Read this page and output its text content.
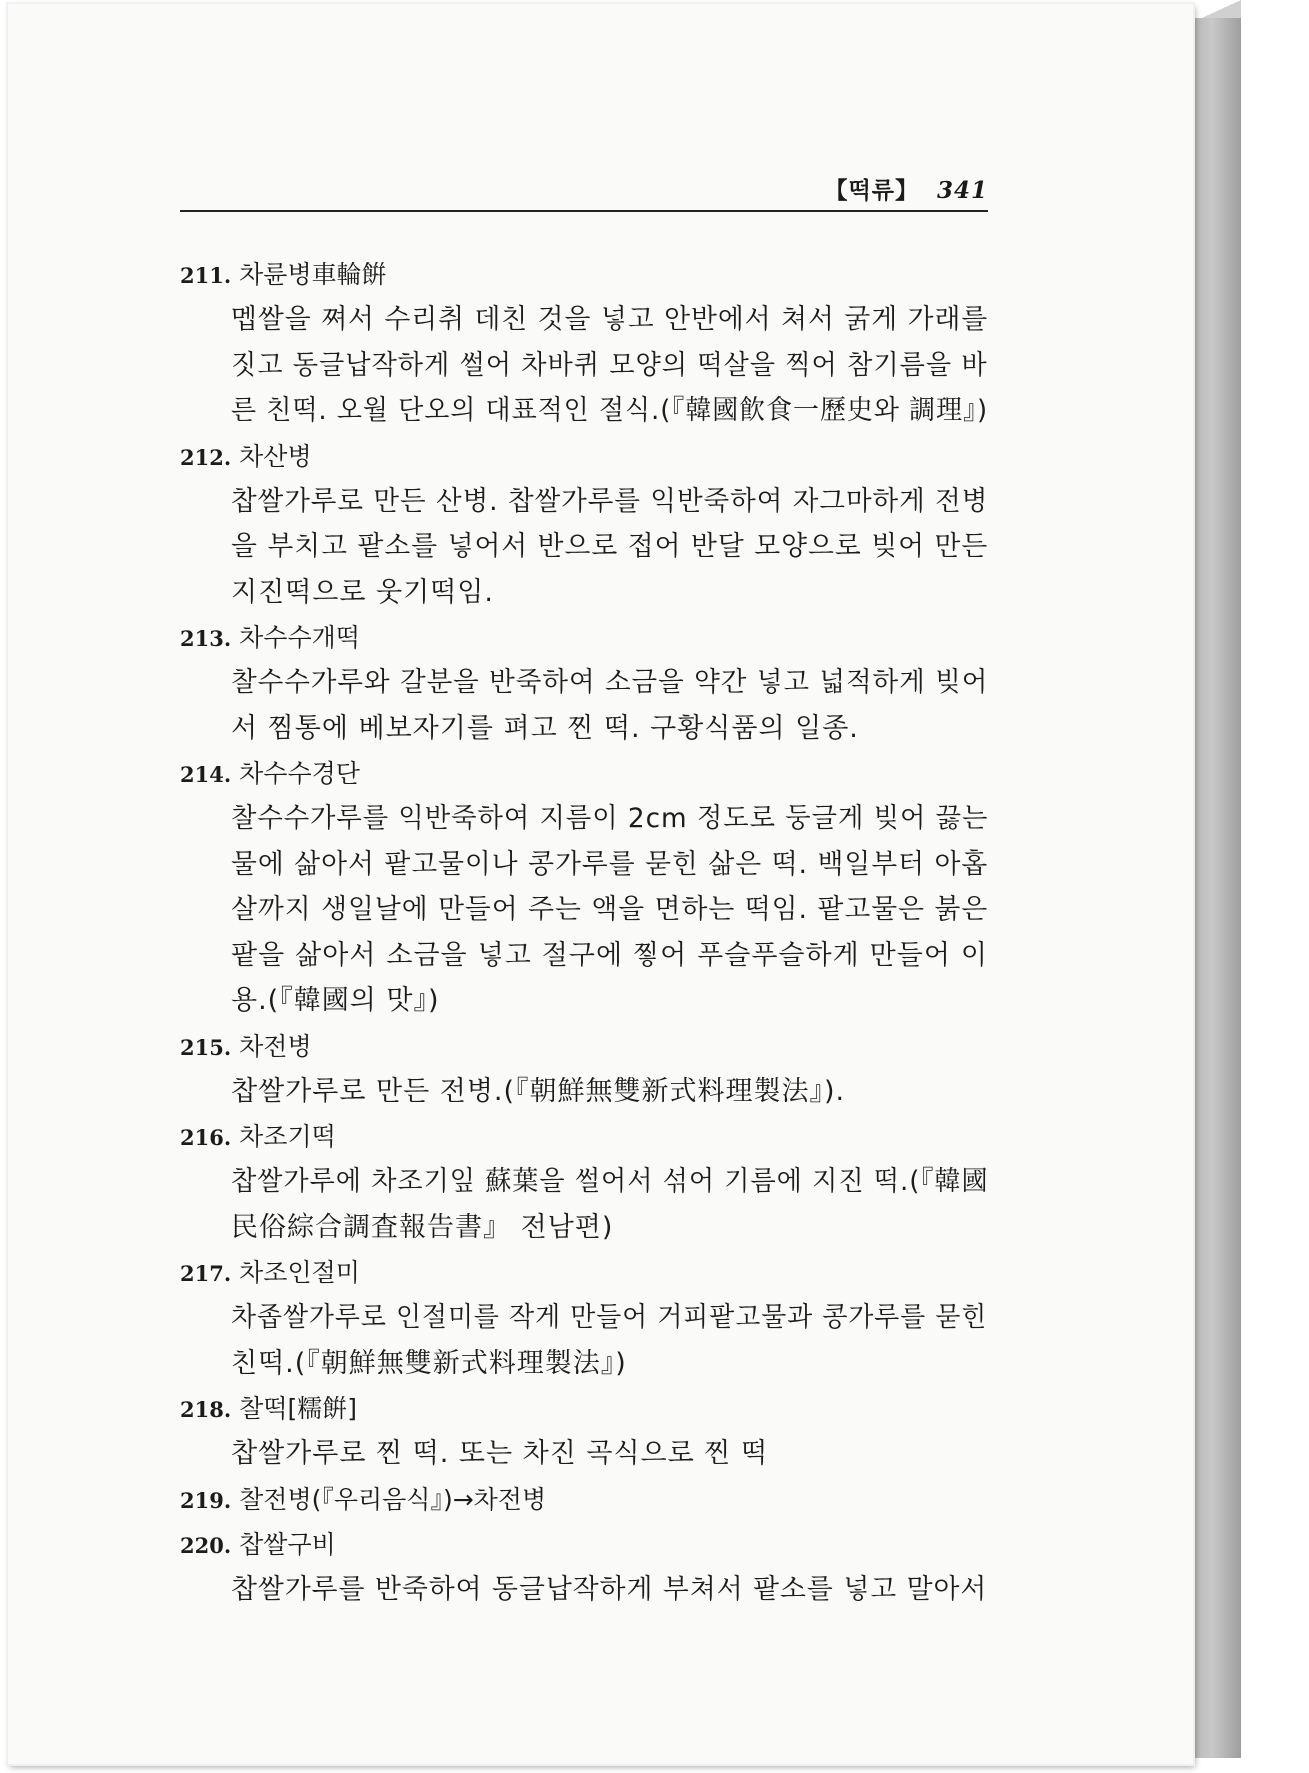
【떡류】 341
211. 차륜병車輪餠
멥쌀을 쪄서 수리취 데친 것을 넣고 안반에서 쳐서 굵게 가래를
짓고 동글납작하게 썰어 차바퀴 모양의 떡살을 찍어 참기름을 바
른 친떡. 오월 단오의 대표적인 절식.(『韓國飮食一歷史와 調理』)
212. 차산병
찹쌀가루로 만든 산병. 찹쌀가루를 익반죽하여 자그마하게 전병
을 부치고 팥소를 넣어서 반으로 접어 반달 모양으로 빚어 만든
지진떡으로 웃기떡임.
213. 차수수개떡
찰수수가루와 갈분을 반죽하여 소금을 약간 넣고 넓적하게 빚어
서 찜통에 베보자기를 펴고 찐 떡. 구황식품의 일종.
214. 차수수경단
찰수수가루를 익반죽하여 지름이 2cm 정도로 둥글게 빚어 끓는
물에 삶아서 팥고물이나 콩가루를 묻힌 삶은 떡. 백일부터 아홉
살까지 생일날에 만들어 주는 액을 면하는 떡임. 팥고물은 붉은
팥을 삶아서 소금을 넣고 절구에 찧어 푸슬푸슬하게 만들어 이
용.(『韓國의 맛』)
215. 차전병
찹쌀가루로 만든 전병.(『朝鮮無雙新式料理製法』).
216. 차조기떡
찹쌀가루에 차조기잎 蘇葉을 썰어서 섞어 기름에 지진 떡.(『韓國
民俗綜合調査報告書』 전남편)
217. 차조인절미
차좁쌀가루로 인절미를 작게 만들어 거피팥고물과 콩가루를 묻힌
친떡.(『朝鮮無雙新式料理製法』)
218. 찰떡[糯餠]
찹쌀가루로 찐 떡. 또는 차진 곡식으로 찐 떡
219. 찰전병(『우리음식』)→차전병
220. 찹쌀구비
찹쌀가루를 반죽하여 동글납작하게 부쳐서 팥소를 넣고 말아서
